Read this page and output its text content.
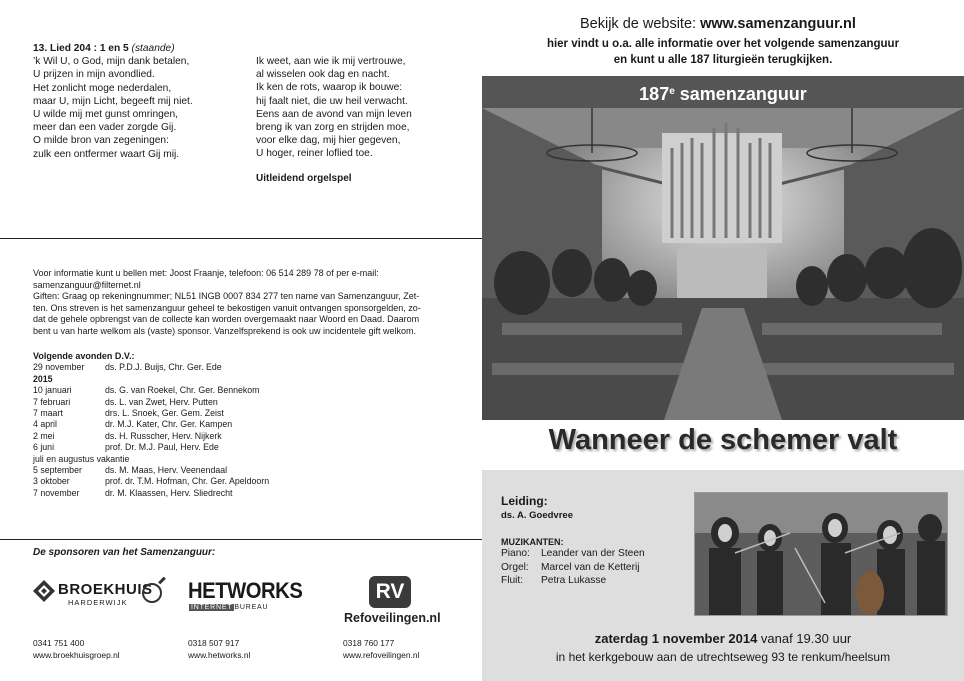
13. Lied 204 : 1 en 5 (staande)
’k Wil U, o God, mijn dank betalen,
U prijzen in mijn avondlied.
Het zonlicht moge nederdalen,
maar U, mijn Licht, begeeft mij niet.
U wilde mij met gunst omringen,
meer dan een vader zorgde Gij.
O milde bron van zegeningen:
zulk een ontfermer waart Gij mij.
Ik weet, aan wie ik mij vertrouwe,
al wisselen ook dag en nacht.
Ik ken de rots, waarop ik bouwe:
hij faalt niet, die uw heil verwacht.
Eens aan de avond van mijn leven
breng ik van zorg en strijden moe,
voor elke dag, mij hier gegeven,
U hoger, reiner loflied toe.
Uitleidend orgelspel
Voor informatie kunt u bellen met: Joost Fraanje, telefoon: 06 514 289 78 of per e-mail:
samenzanguur@filternet.nl
Giften: Graag op rekeningnummer; NL51 INGB 0007 834 277 ten name van Samenzanguur, Zet-
ten. Ons streven is het samenzanguur geheel te bekostigen vanuit ontvangen sponsorgelden, zo-
dat de gehele opbrengst van de collecte kan worden overgemaakt naar Woord en Daad. Daarom
bent u van harte welkom als (vaste) sponsor. Vanzelfsprekend is ook uw incidentele gift welkom.
Volgende avonden D.V.:
29 november	ds. P.D.J. Buijs, Chr. Ger. Ede
2015
10 januari	ds. G. van Roekel, Chr. Ger. Bennekom
7 februari	ds. L. van Zwet, Herv. Putten
7 maart	drs. L. Snoek, Ger. Gem. Zeist
4 april	dr. M.J. Kater, Chr. Ger. Kampen
2 mei	ds. H. Russcher, Herv. Nijkerk
6 juni	prof. Dr. M.J. Paul, Herv. Ede
juli en augustus vakantie
5 september	ds. M. Maas, Herv. Veenendaal
3 oktober	prof. dr. T.M. Hofman, Chr. Ger. Apeldoorn
7 november	dr. M. Klaassen, Herv. Sliedrecht
De sponsoren van het Samenzanguur:
BROEKHUIS
HARDERWIJK	HETWORKS
INTERNET BUREAU
RV
Refoveilingen.nl
0341 751 400
www.broekhuisgroep.nl
0318 507 917
www.hetworks.nl
0318 760 177
www.refoveilingen.nl
Bekijk de website: www.samenzanguur.nl
hier vindt u o.a. alle informatie over het volgende samenzanguur
en kunt u alle 187 liturgieën terugkijken.
187e samenzanguur
Wanneer de schemer valt
Leiding:
ds. A. Goedvree
MUZIKANTEN:
Piano:	Leander van der Steen
Orgel:	Marcel van de Ketterij
Fluit:	Petra Lukasse
zaterdag 1 november 2014 vanaf 19.30 uur
in het kerkgebouw aan de utrechtseweg 93 te renkum/heelsum
